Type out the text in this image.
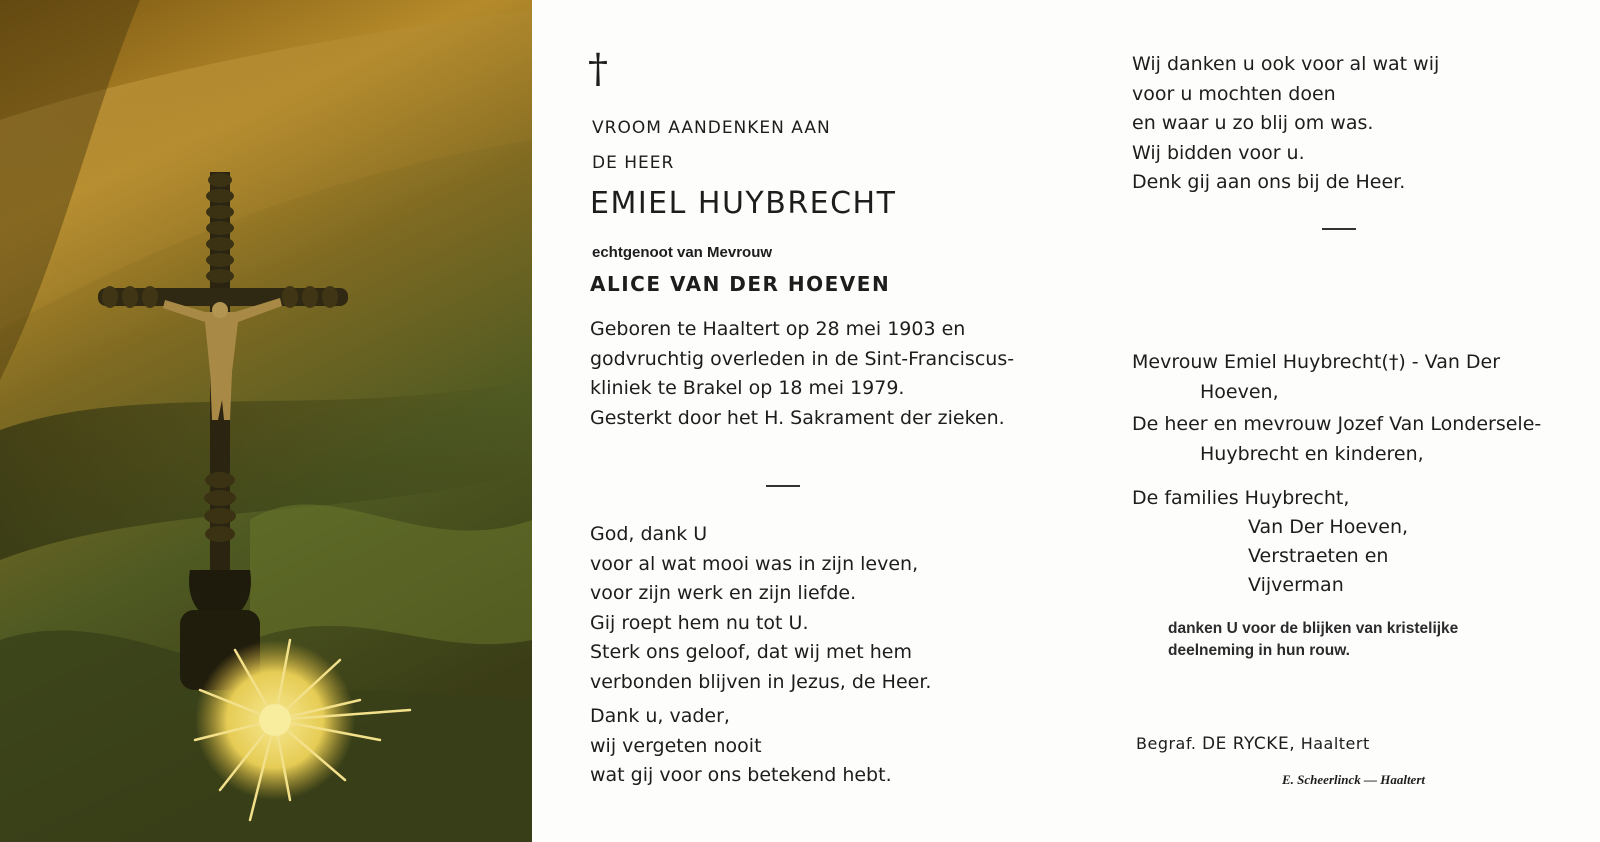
†
VROOM AANDENKEN AAN
DE HEER
EMIEL HUYBRECHT
echtgenoot van Mevrouw
ALICE VAN DER HOEVEN
Geboren te Haaltert op 28 mei 1903 en
godvruchtig overleden in de Sint-Franciscus-
kliniek te Brakel op 18 mei 1979.
Gesterkt door het H. Sakrament der zieken.
God, dank U
voor al wat mooi was in zijn leven,
voor zijn werk en zijn liefde.
Gij roept hem nu tot U.
Sterk ons geloof, dat wij met hem
verbonden blijven in Jezus, de Heer.
Dank u, vader,
wij vergeten nooit
wat gij voor ons betekend hebt.
Wij danken u ook voor al wat wij
voor u mochten doen
en waar u zo blij om was.
Wij bidden voor u.
Denk gij aan ons bij de Heer.
Mevrouw Emiel Huybrecht(†) - Van Der
Hoeven,
De heer en mevrouw Jozef Van Londersele-
Huybrecht en kinderen,
De families Huybrecht,
Van Der Hoeven,
Verstraeten en
Vijverman
danken U voor de blijken van kristelijke
deelneming in hun rouw.
Begraf. DE RYCKE, Haaltert
E. Scheerlinck — Haaltert
